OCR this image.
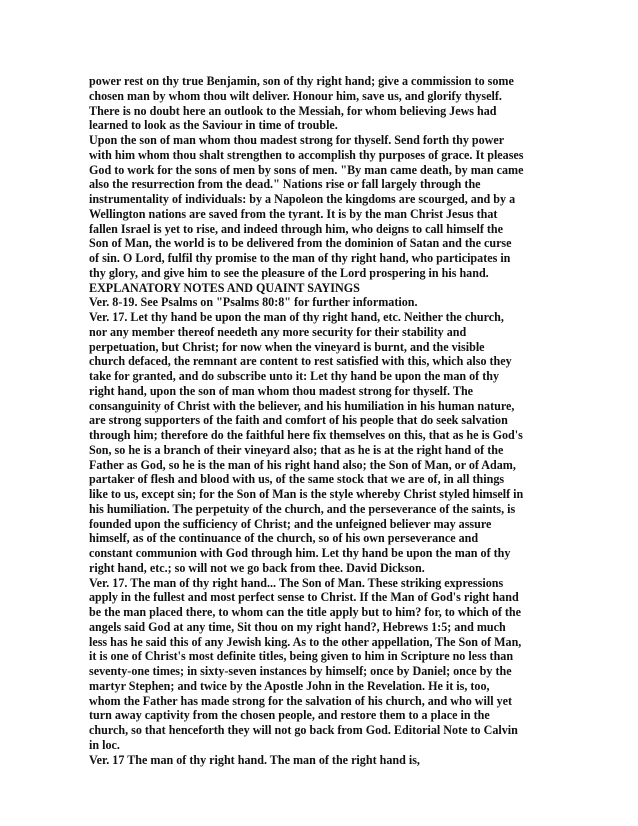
power rest on thy true Benjamin, son of thy right hand; give a commission to some
chosen man by whom thou wilt deliver. Honour him, save us, and glorify thyself.
There is no doubt here an outlook to the Messiah, for whom believing Jews had
learned to look as the Saviour in time of trouble.
Upon the son of man whom thou madest strong for thyself. Send forth thy power
with him whom thou shalt strengthen to accomplish thy purposes of grace. It pleases
God to work for the sons of men by sons of men. "By man came death, by man came
also the resurrection from the dead." Nations rise or fall largely through the
instrumentality of individuals: by a Napoleon the kingdoms are scourged, and by a
Wellington nations are saved from the tyrant. It is by the man Christ Jesus that
fallen Israel is yet to rise, and indeed through him, who deigns to call himself the
Son of Man, the world is to be delivered from the dominion of Satan and the curse
of sin. O Lord, fulfil thy promise to the man of thy right hand, who participates in
thy glory, and give him to see the pleasure of the Lord prospering in his hand.
EXPLANATORY NOTES AND QUAINT SAYINGS
Ver. 8-19. See Psalms on "Psalms 80:8" for further information.
Ver. 17. Let thy hand be upon the man of thy right hand, etc. Neither the church,
nor any member thereof needeth any more security for their stability and
perpetuation, but Christ; for now when the vineyard is burnt, and the visible
church defaced, the remnant are content to rest satisfied with this, which also they
take for granted, and do subscribe unto it: Let thy hand be upon the man of thy
right hand, upon the son of man whom thou madest strong for thyself. The
consanguinity of Christ with the believer, and his humiliation in his human nature,
are strong supporters of the faith and comfort of his people that do seek salvation
through him; therefore do the faithful here fix themselves on this, that as he is God's
Son, so he is a branch of their vineyard also; that as he is at the right hand of the
Father as God, so he is the man of his right hand also; the Son of Man, or of Adam,
partaker of flesh and blood with us, of the same stock that we are of, in all things
like to us, except sin; for the Son of Man is the style whereby Christ styled himself in
his humiliation. The perpetuity of the church, and the perseverance of the saints, is
founded upon the sufficiency of Christ; and the unfeigned believer may assure
himself, as of the continuance of the church, so of his own perseverance and
constant communion with God through him. Let thy hand be upon the man of thy
right hand, etc.; so will not we go back from thee. David Dickson.
Ver. 17. The man of thy right hand... The Son of Man. These striking expressions
apply in the fullest and most perfect sense to Christ. If the Man of God's right hand
be the man placed there, to whom can the title apply but to him? for, to which of the
angels said God at any time, Sit thou on my right hand?, Hebrews 1:5; and much
less has he said this of any Jewish king. As to the other appellation, The Son of Man,
it is one of Christ's most definite titles, being given to him in Scripture no less than
seventy-one times; in sixty-seven instances by himself; once by Daniel; once by the
martyr Stephen; and twice by the Apostle John in the Revelation. He it is, too,
whom the Father has made strong for the salvation of his church, and who will yet
turn away captivity from the chosen people, and restore them to a place in the
church, so that henceforth they will not go back from God. Editorial Note to Calvin
in loc.
Ver. 17 The man of thy right hand. The man of the right hand is,
